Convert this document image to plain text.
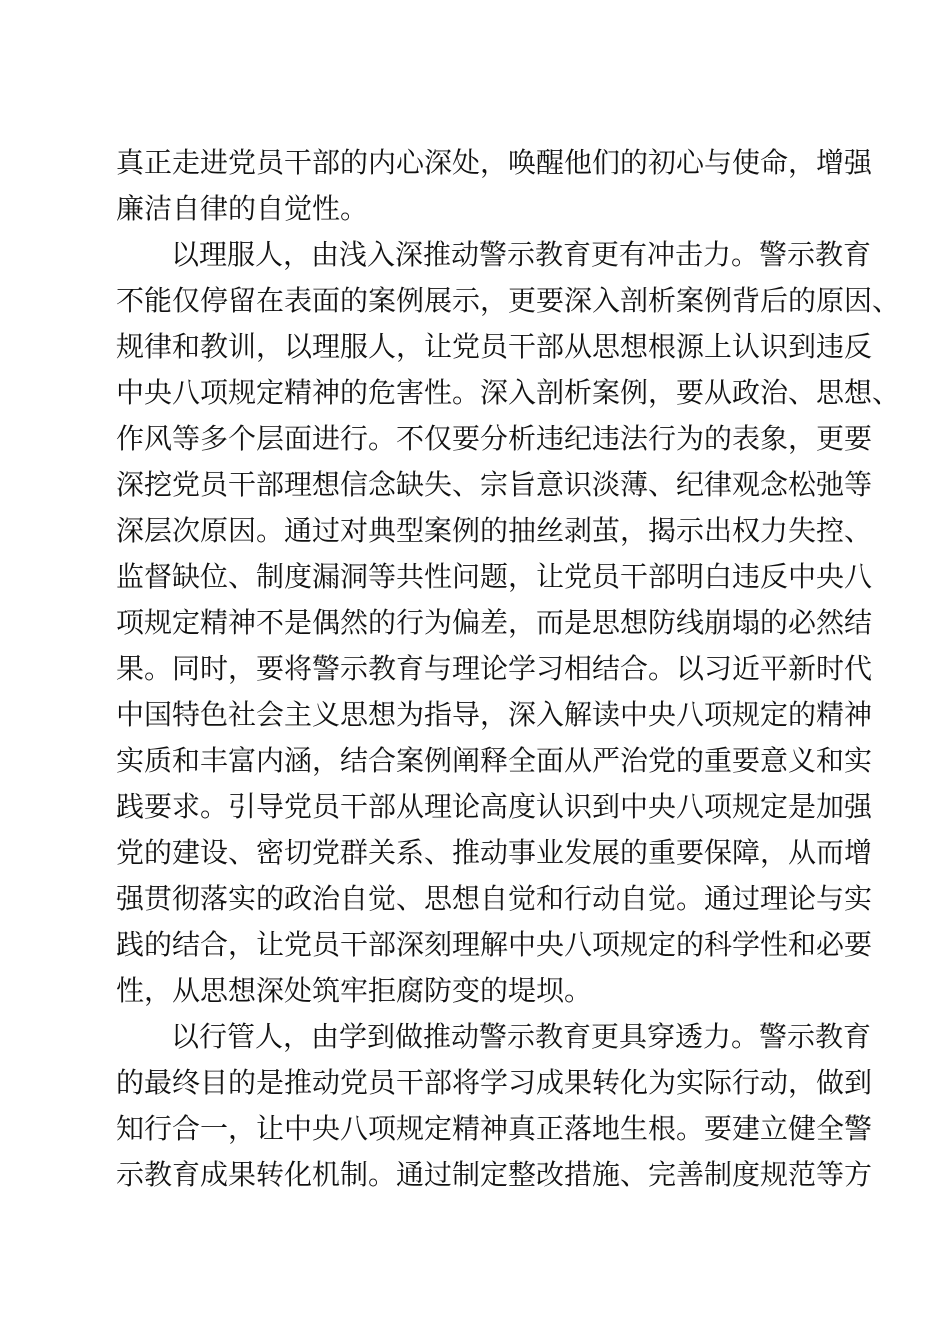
真正走进党员干部的内心深处，唤醒他们的初心与使命，增强

廉洁自律的自觉性。

以理服人，由浅入深推动警示教育更有冲击力。警示教育

不能仅停留在表面的案例展示，更要深入剖析案例背后的原因、

规律和教训，以理服人，让党员干部从思想根源上认识到违反

中央八项规定精神的危害性。深入剖析案例，要从政治、思想、

作风等多个层面进行。不仅要分析违纪违法行为的表象，更要

深挖党员干部理想信念缺失、宗旨意识淡薄、纪律观念松弛等

深层次原因。通过对典型案例的抽丝剥茧，揭示出权力失控、

监督缺位、制度漏洞等共性问题，让党员干部明白违反中央八

项规定精神不是偶然的行为偏差，而是思想防线崩塌的必然结

果。同时，要将警示教育与理论学习相结合。以习近平新时代

中国特色社会主义思想为指导，深入解读中央八项规定的精神

实质和丰富内涵，结合案例阐释全面从严治党的重要意义和实

践要求。引导党员干部从理论高度认识到中央八项规定是加强

党的建设、密切党群关系、推动事业发展的重要保障，从而增

强贯彻落实的政治自觉、思想自觉和行动自觉。通过理论与实

践的结合，让党员干部深刻理解中央八项规定的科学性和必要

性，从思想深处筑牢拒腐防变的堤坝。

以行管人，由学到做推动警示教育更具穿透力。警示教育

的最终目的是推动党员干部将学习成果转化为实际行动，做到

知行合一，让中央八项规定精神真正落地生根。要建立健全警

示教育成果转化机制。通过制定整改措施、完善制度规范等方
